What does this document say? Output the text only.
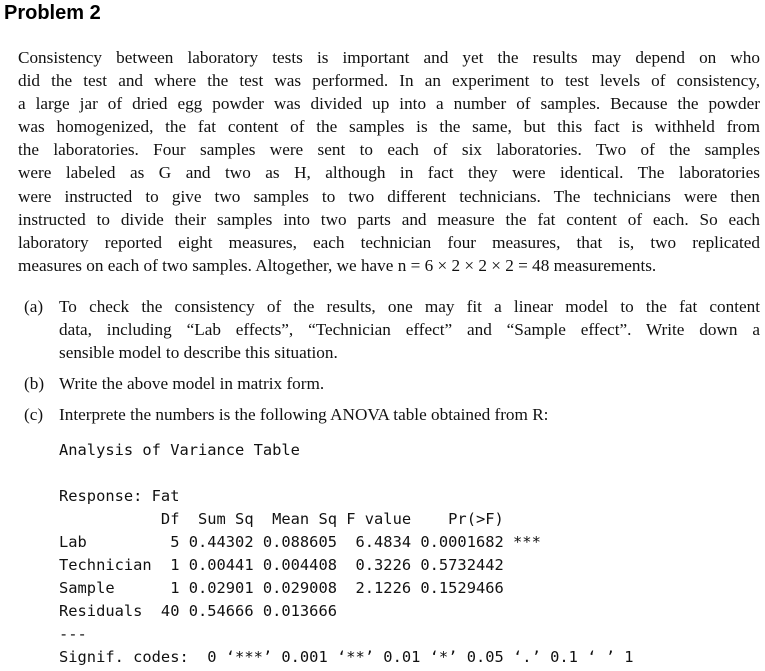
Problem 2
Consistency between laboratory tests is important and yet the results may depend on who
did the test and where the test was performed. In an experiment to test levels of consistency,
a large jar of dried egg powder was divided up into a number of samples. Because the powder
was homogenized, the fat content of the samples is the same, but this fact is withheld from
the laboratories. Four samples were sent to each of six laboratories. Two of the samples
were labeled as G and two as H, although in fact they were identical. The laboratories
were instructed to give two samples to two different technicians. The technicians were then
instructed to divide their samples into two parts and measure the fat content of each. So each
laboratory reported eight measures, each technician four measures, that is, two replicated
measures on each of two samples. Altogether, we have n = 6 × 2 × 2 × 2 = 48 measurements.
(a) To check the consistency of the results, one may fit a linear model to the fat content
data, including “Lab effects”, “Technician effect” and “Sample effect”. Write down a
sensible model to describe this situation.
(b) Write the above model in matrix form.
(c) Interprete the numbers is the following ANOVA table obtained from R:
Analysis of Variance Table
Response: Fat
Df  Sum Sq  Mean Sq F value    Pr(>F)
Lab         5 0.44302 0.088605  6.4834 0.0001682 ***
Technician  1 0.00441 0.004408  0.3226 0.5732442
Sample      1 0.02901 0.029008  2.1226 0.1529466
Residuals  40 0.54666 0.013666
---
Signif. codes:  0 ‘***’ 0.001 ‘**’ 0.01 ‘*’ 0.05 ‘.’ 0.1 ‘ ’ 1
